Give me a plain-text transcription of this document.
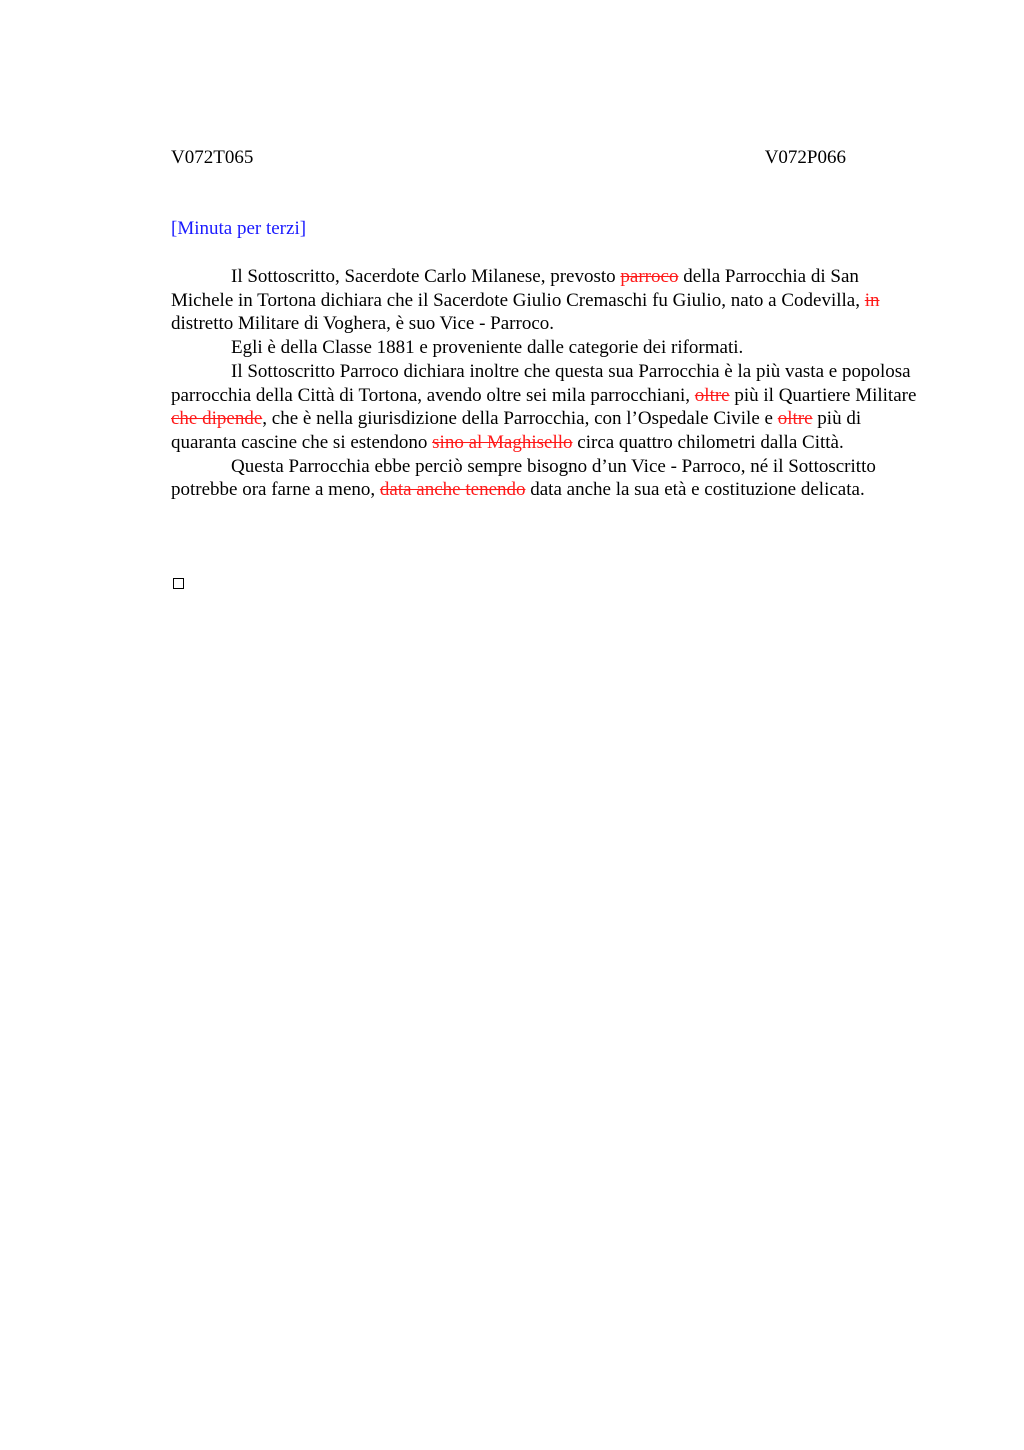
V072T065	V072P066
[Minuta per terzi]

Il Sottoscritto, Sacerdote Carlo Milanese, prevosto parroco della Parrocchia di San Michele in Tortona dichiara che il Sacerdote Giulio Cremaschi fu Giulio, nato a Codevilla, in distretto Militare di Voghera, è suo Vice - Parroco.

Egli è della Classe 1881 e proveniente dalle categorie dei riformati.

Il Sottoscritto Parroco dichiara inoltre che questa sua Parrocchia è la più vasta e popolosa parrocchia della Città di Tortona, avendo oltre sei mila parrocchiani, oltre più il Quartiere Militare che dipende, che è nella giurisdizione della Parrocchia, con l’Ospedale Civile e oltre più di quaranta cascine che si estendono sino al Maghisello circa quattro chilometri dalla Città.

Questa Parrocchia ebbe perciò sempre bisogno d’un Vice - Parroco, né il Sottoscritto potrebbe ora farne a meno, data anche tenendo data anche la sua età e costituzione delicata.
